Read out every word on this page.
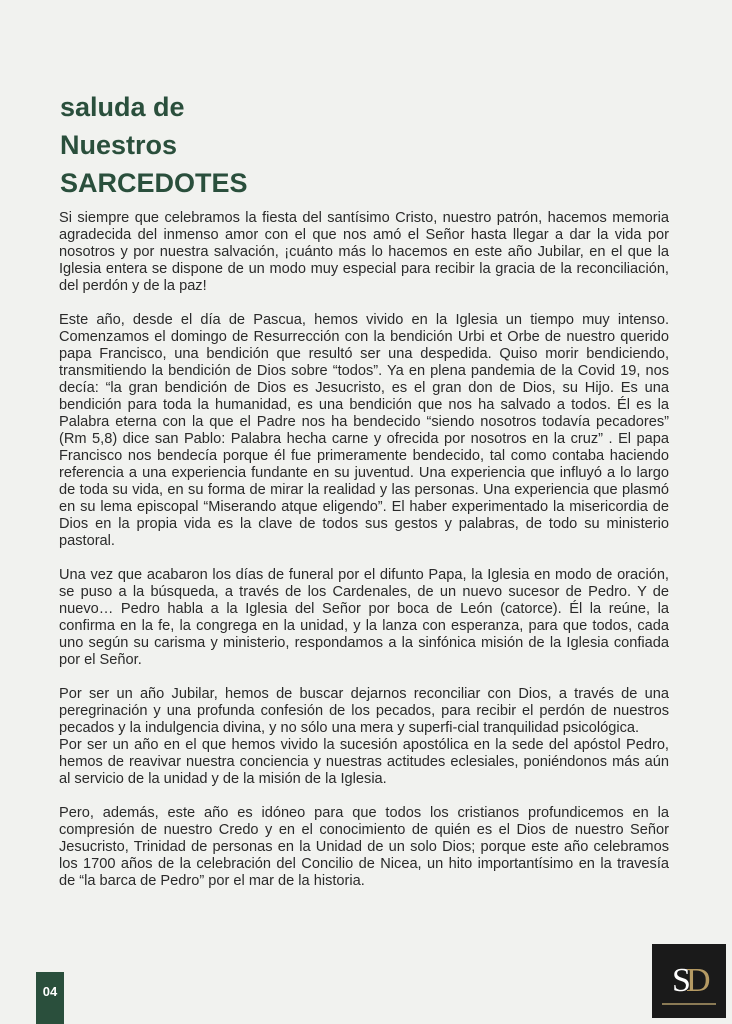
saluda de
Nuestros
SARCEDOTES

Si siempre que celebramos la fiesta del santísimo Cristo, nuestro patrón, hacemos memoria agradecida del inmenso amor con el que nos amó el Señor hasta llegar a dar la vida por nosotros y por nuestra salvación, ¡cuánto más lo hacemos en este año Jubilar, en el que la Iglesia entera se dispone de un modo muy especial para recibir la gracia de la reconciliación, del perdón y de la paz!

Este año, desde el día de Pascua, hemos vivido en la Iglesia un tiempo muy intenso. Comenzamos el domingo de Resurrección con la bendición Urbi et Orbe de nuestro querido papa Francisco, una bendición que resultó ser una despedida. Quiso morir bendiciendo, transmitiendo la bendición de Dios sobre “todos”. Ya en plena pandemia de la Covid 19, nos decía: “la gran bendición de Dios es Jesucristo, es el gran don de Dios, su Hijo. Es una bendición para toda la humanidad, es una bendición que nos ha salvado a todos. Él es la Palabra eterna con la que el Padre nos ha bendecido “siendo nosotros todavía pecadores” (Rm 5,8) dice san Pablo: Palabra hecha carne y ofrecida por nosotros en la cruz” . El papa Francisco nos bendecía porque él fue primeramente bendecido, tal como contaba haciendo referencia a una experiencia fundante en su juventud. Una experiencia que influyó a lo largo de toda su vida, en su forma de mirar la realidad y las personas. Una experiencia que plasmó en su lema episcopal “Miserando atque eligendo”. El haber experimentado la misericordia de Dios en la propia vida es la clave de todos sus gestos y palabras, de todo su ministerio pastoral.

Una vez que acabaron los días de funeral por el difunto Papa, la Iglesia en modo de oración, se puso a la búsqueda, a través de los Cardenales, de un nuevo sucesor de Pedro. Y de nuevo… Pedro habla a la Iglesia del Señor por boca de León (catorce). Él la reúne, la confirma en la fe, la congrega en la unidad, y la lanza con esperanza, para que todos, cada uno según su carisma y ministerio, respondamos a la sinfónica misión de la Iglesia confiada por el Señor.

Por ser un año Jubilar, hemos de buscar dejarnos reconciliar con Dios, a través de una peregrinación y una profunda confesión de los pecados, para recibir el perdón de nuestros pecados y la indulgencia divina, y no sólo una mera y superfi-cial tranquilidad psicológica.

Por ser un año en el que hemos vivido la sucesión apostólica en la sede del apóstol Pedro, hemos de reavivar nuestra conciencia y nuestras actitudes eclesiales, poniéndonos más aún al servicio de la unidad y de la misión de la Iglesia.

Pero, además, este año es idóneo para que todos los cristianos profundicemos en la compresión de nuestro Credo y en el conocimiento de quién es el Dios de nuestro Señor Jesucristo, Trinidad de personas en la Unidad de un solo Dios; porque este año celebramos los 1700 años de la celebración del Concilio de Nicea, un hito importantísimo en la travesía de “la barca de Pedro” por el mar de la historia.

04	S
D
